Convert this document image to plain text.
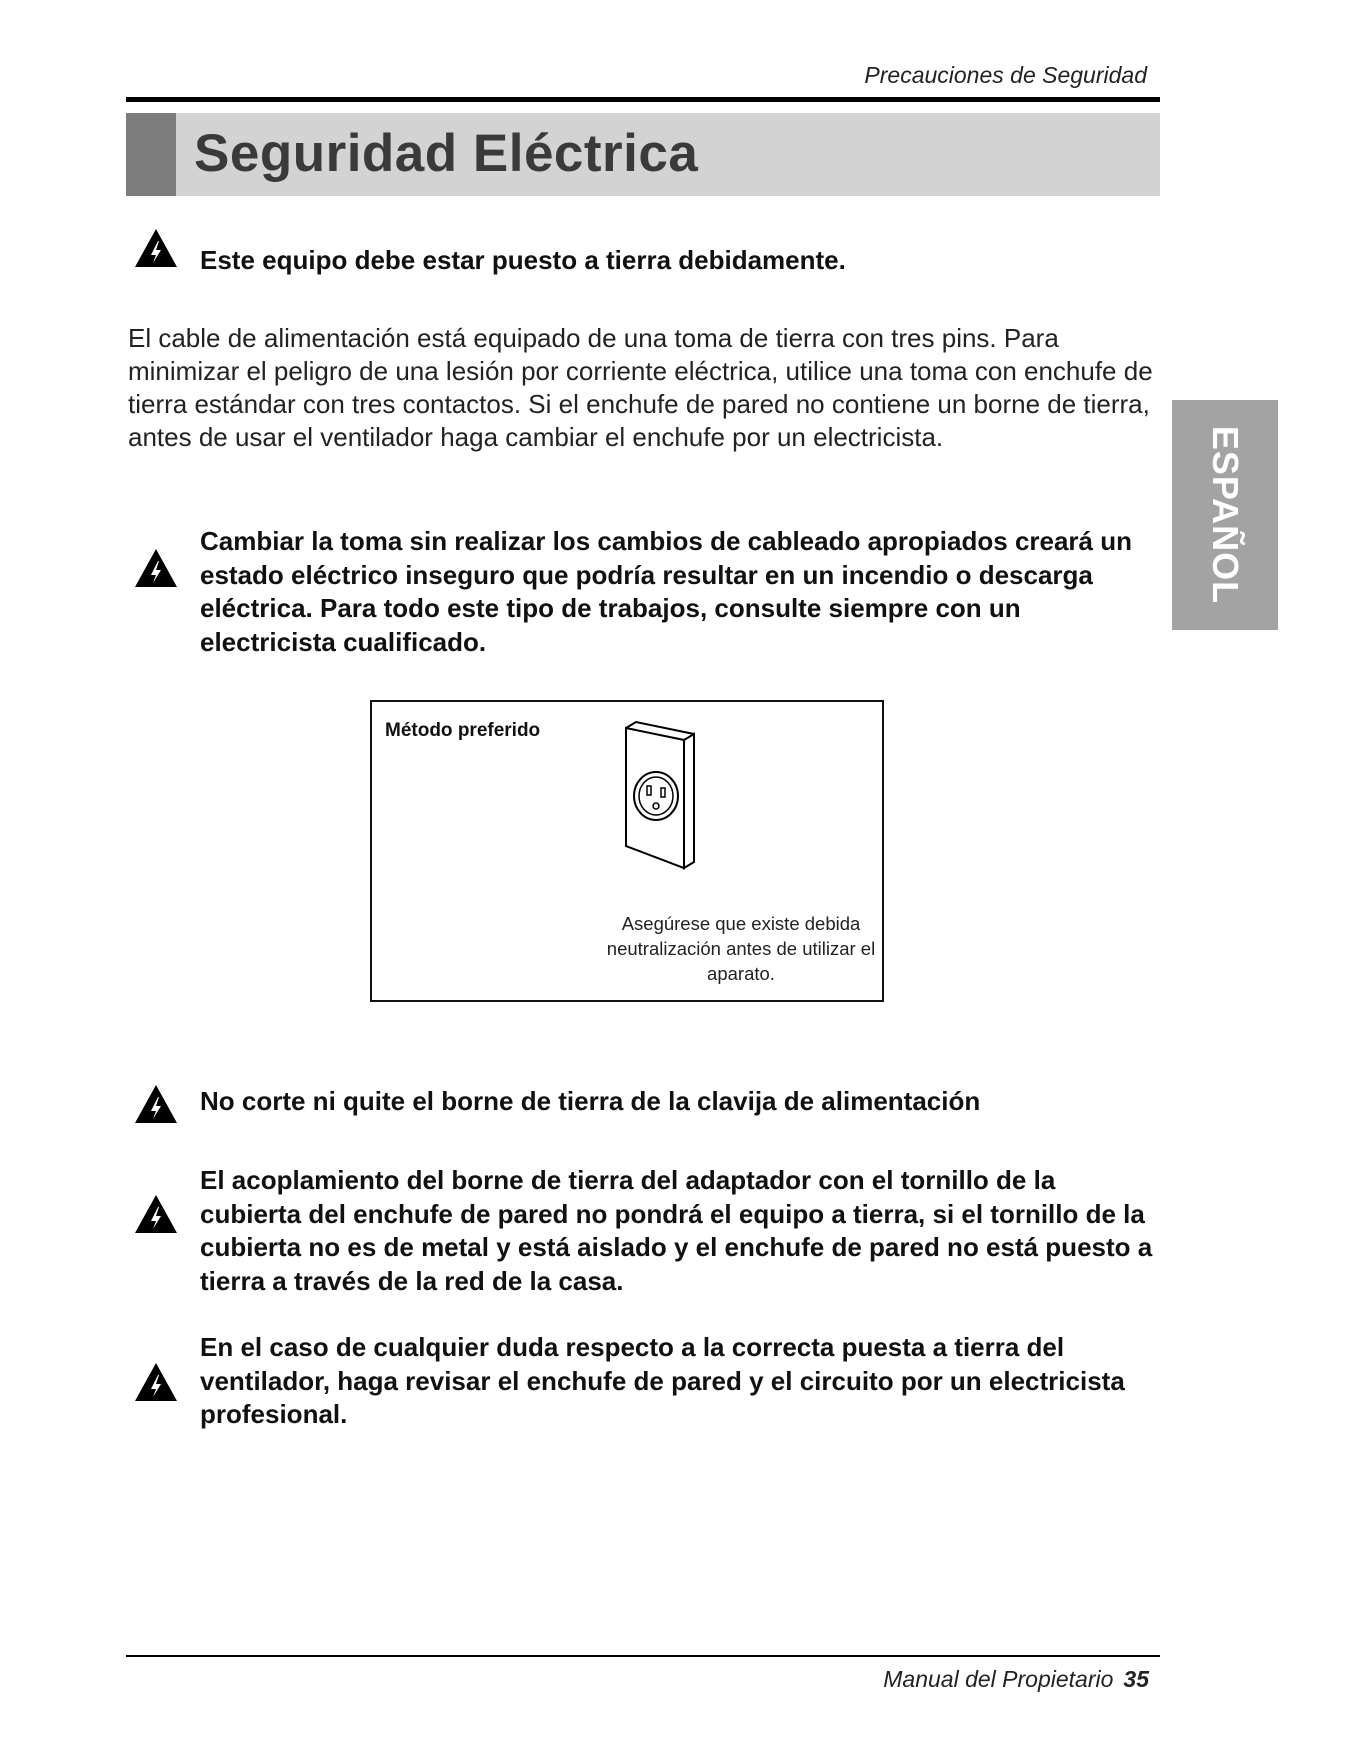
Precauciones de Seguridad
Seguridad Eléctrica
ESPAÑOL
Este equipo debe estar puesto a tierra debidamente.
El cable de alimentación está equipado de una toma de tierra con tres pins. Para minimizar el peligro de una lesión por corriente eléctrica, utilice una toma con enchufe de tierra estándar con tres contactos. Si el enchufe de pared no contiene un borne de tierra, antes de usar el ventilador haga cambiar el enchufe por un electricista.
Cambiar la toma sin realizar los cambios de cableado apropiados creará un estado eléctrico inseguro que podría resultar en un incendio o descarga eléctrica. Para todo este tipo de trabajos, consulte siempre con un electricista cualificado.
Método preferido
Asegúrese que existe debida neutralización antes de utilizar el aparato.
No corte ni quite el borne de tierra de la clavija de alimentación
El acoplamiento del borne de tierra del adaptador con el tornillo de la cubierta del enchufe de pared no pondrá el equipo a tierra, si el tornillo de la cubierta no es de metal y está aislado y el enchufe de pared no está puesto a tierra a través de la red de la casa.
En el caso de cualquier duda respecto a la correcta puesta a tierra del ventilador, haga revisar el enchufe de pared y el circuito por un electricista profesional.
Manual del Propietario 35
